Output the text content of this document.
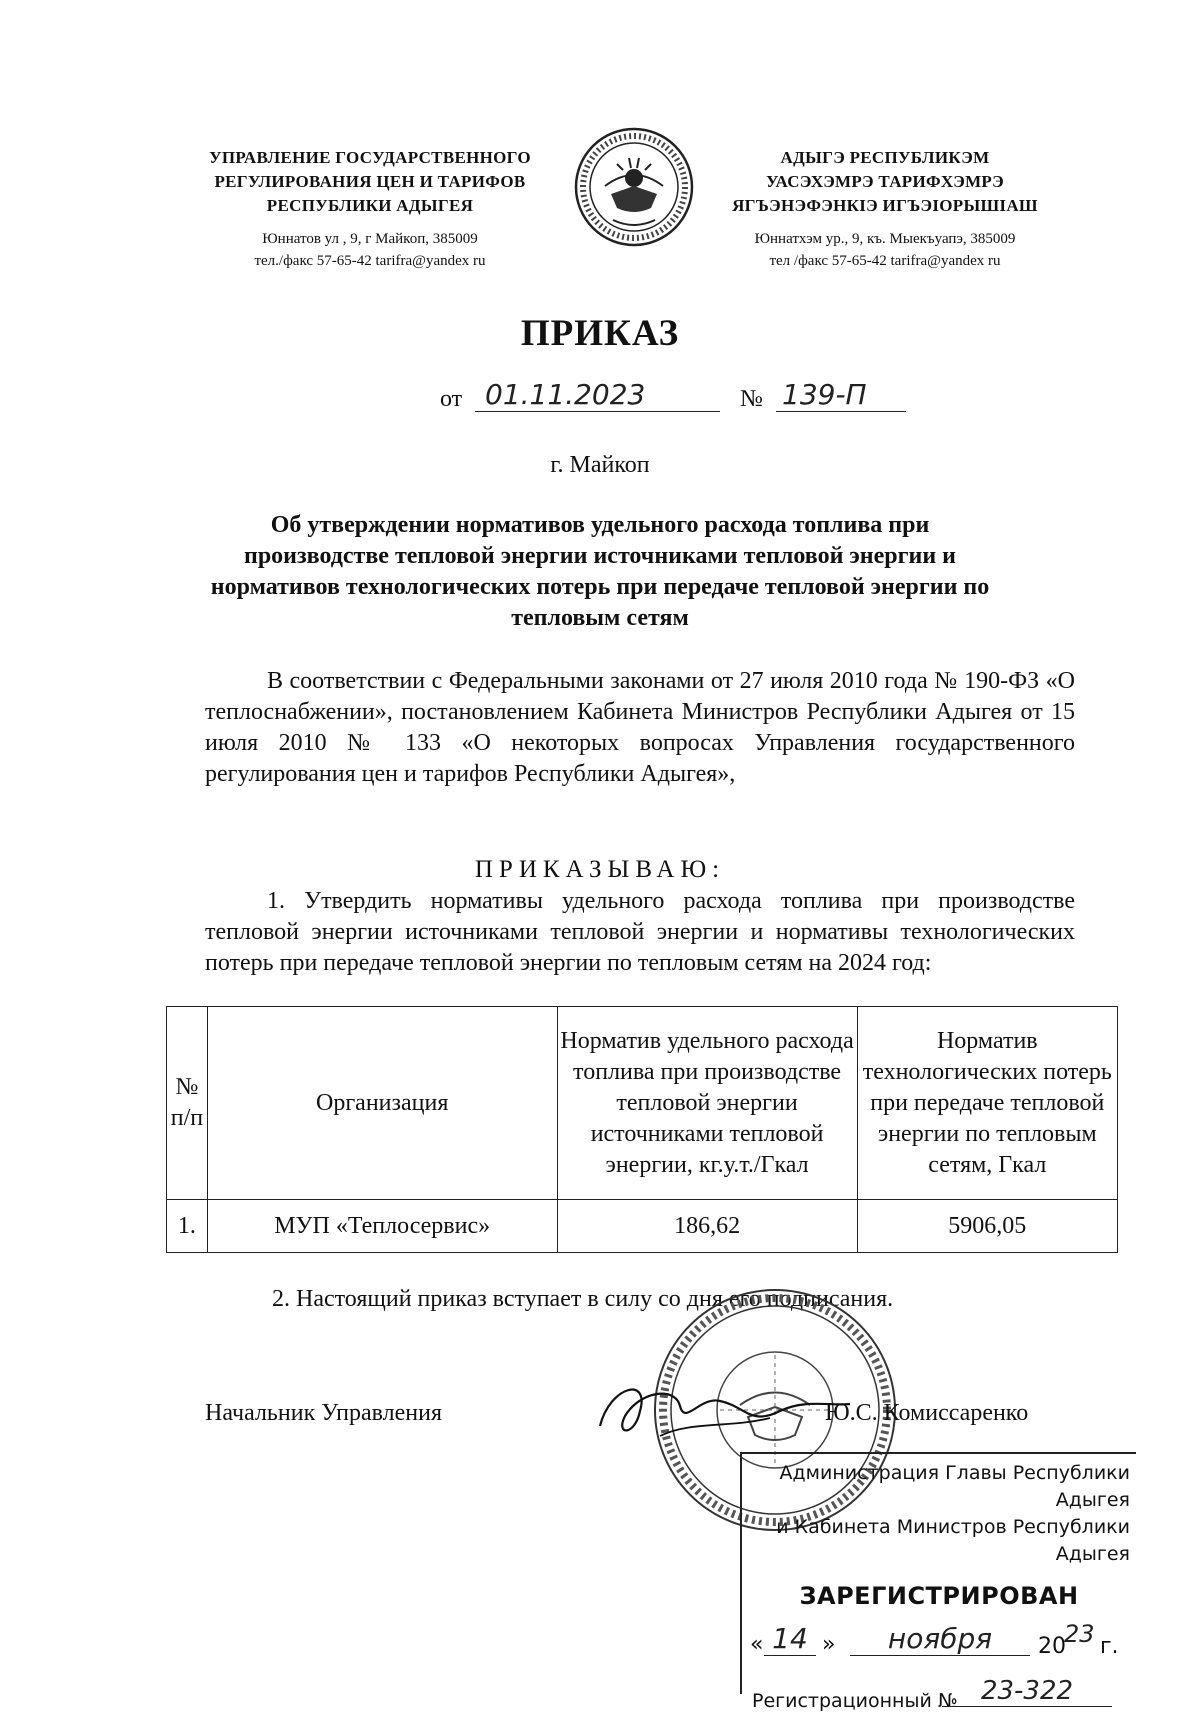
УПРАВЛЕНИЕ ГОСУДАРСТВЕННОГО
РЕГУЛИРОВАНИЯ ЦЕН И ТАРИФОВ
РЕСПУБЛИКИ АДЫГЕЯ
Юннатов ул , 9, г Майкоп, 385009
тел./факс 57-65-42 tarifra@yandex ru
АДЫГЭ РЕСПУБЛИКЭМ
УАСЭХЭМРЭ ТАРИФХЭМРЭ
ЯГЪЭНЭФЭНКIЭ ИГЪЭIОРЫШIАШ
Юннатхэм ур., 9, къ. Мыекъуапэ, 385009
тел /факс 57-65-42 tarifra@yandex ru
ПРИКАЗ
от 01.11.2023	№ 139-П
г. Майкоп
Об утверждении нормативов удельного расхода топлива при производстве тепловой энергии источниками тепловой энергии и нормативов технологических потерь при передаче тепловой энергии по тепловым сетям
В соответствии с Федеральными законами от 27 июля 2010 года № 190-ФЗ «О теплоснабжении», постановлением Кабинета Министров Республики Адыгея от 15 июля 2010 № 133 «О некоторых вопросах Управления государственного регулирования цен и тарифов Республики Адыгея»,
ПРИКАЗЫВАЮ:
1. Утвердить нормативы удельного расхода топлива при производстве тепловой энергии источниками тепловой энергии и нормативы технологических потерь при передаче тепловой энергии по тепловым сетям на 2024 год:
№ п/п	Организация	Норматив удельного расхода топлива при производстве тепловой энергии источниками тепловой энергии, кг.у.т./Гкал	Норматив технологических потерь при передаче тепловой энергии по тепловым сетям, Гкал
1.	МУП «Теплосервис»	186,62	5906,05
2. Настоящий приказ вступает в силу со дня его подписания.
Начальник Управления	Ю.С. Комиссаренко
Администрация Главы Республики Адыгея
и Кабинета Министров Республики Адыгея
ЗАРЕГИСТРИРОВАН
« 14 »	ноября	20
23 г.
Регистрационный № 23-322
